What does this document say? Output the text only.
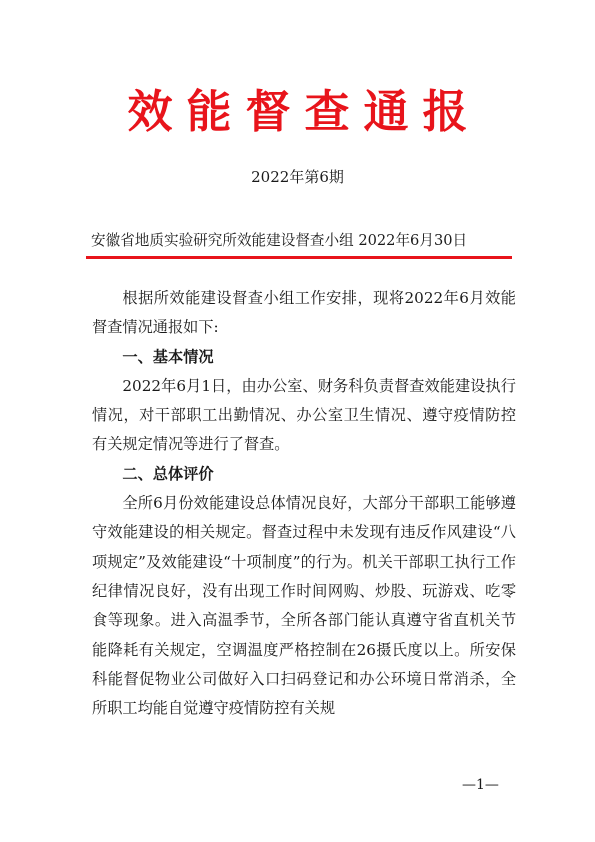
效能督查通报
2022年第6期
安徽省地质实验研究所效能建设督查小组 2022年6月30日

根据所效能建设督查小组工作安排，现将2022年6月效能督查情况通报如下:

一、基本情况

2022年6月1日，由办公室、财务科负责督查效能建设执行情况，对干部职工出勤情况、办公室卫生情况、遵守疫情防控有关规定情况等进行了督查。

二、总体评价

全所6月份效能建设总体情况良好，大部分干部职工能够遵守效能建设的相关规定。督查过程中未发现有违反作风建设“八项规定”及效能建设“十项制度”的行为。机关干部职工执行工作纪律情况良好，没有出现工作时间网购、炒股、玩游戏、吃零食等现象。进入高温季节，全所各部门能认真遵守省直机关节能降耗有关规定，空调温度严格控制在26摄氏度以上。所安保科能督促物业公司做好入口扫码登记和办公环境日常消杀，全所职工均能自觉遵守疫情防控有关规

—1—
